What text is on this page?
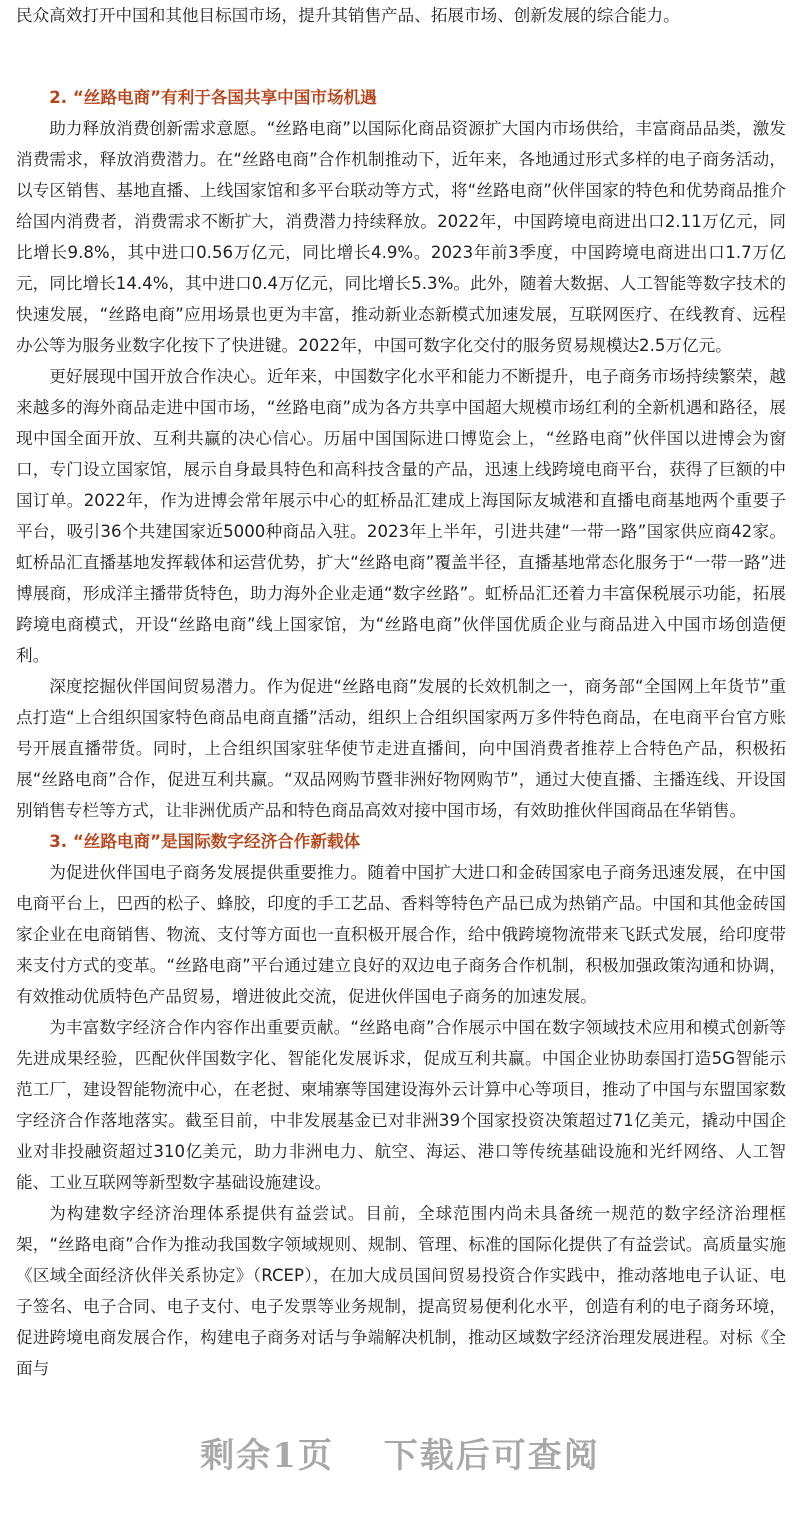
民众高效打开中国和其他目标国市场，提升其销售产品、拓展市场、创新发展的综合能力。

2. “丝路电商”有利于各国共享中国市场机遇

助力释放消费创新需求意愿。“丝路电商”以国际化商品资源扩大国内市场供给，丰富商品品类，激发消费需求，释放消费潜力。在“丝路电商”合作机制推动下，近年来，各地通过形式多样的电子商务活动，以专区销售、基地直播、上线国家馆和多平台联动等方式，将“丝路电商”伙伴国家的特色和优势商品推介给国内消费者，消费需求不断扩大，消费潜力持续释放。2022年，中国跨境电商进出口2.11万亿元，同比增长9.8%，其中进口0.56万亿元，同比增长4.9%。2023年前3季度，中国跨境电商进出口1.7万亿元，同比增长14.4%，其中进口0.4万亿元，同比增长5.3%。此外，随着大数据、人工智能等数字技术的快速发展，“丝路电商”应用场景也更为丰富，推动新业态新模式加速发展，互联网医疗、在线教育、远程办公等为服务业数字化按下了快进键。2022年，中国可数字化交付的服务贸易规模达2.5万亿元。

更好展现中国开放合作决心。近年来，中国数字化水平和能力不断提升，电子商务市场持续繁荣，越来越多的海外商品走进中国市场，“丝路电商”成为各方共享中国超大规模市场红利的全新机遇和路径，展现中国全面开放、互利共赢的决心信心。历届中国国际进口博览会上，“丝路电商”伙伴国以进博会为窗口，专门设立国家馆，展示自身最具特色和高科技含量的产品，迅速上线跨境电商平台，获得了巨额的中国订单。2022年，作为进博会常年展示中心的虹桥品汇建成上海国际友城港和直播电商基地两个重要子平台，吸引36个共建国家近5000种商品入驻。2023年上半年，引进共建“一带一路”国家供应商42家。虹桥品汇直播基地发挥载体和运营优势，扩大“丝路电商”覆盖半径，直播基地常态化服务于“一带一路”进博展商，形成洋主播带货特色，助力海外企业走通“数字丝路”。虹桥品汇还着力丰富保税展示功能，拓展跨境电商模式，开设“丝路电商”线上国家馆，为“丝路电商”伙伴国优质企业与商品进入中国市场创造便利。

深度挖掘伙伴国间贸易潜力。作为促进“丝路电商”发展的长效机制之一，商务部“全国网上年货节”重点打造“上合组织国家特色商品电商直播”活动，组织上合组织国家两万多件特色商品，在电商平台官方账号开展直播带货。同时，上合组织国家驻华使节走进直播间，向中国消费者推荐上合特色产品，积极拓展“丝路电商”合作，促进互利共赢。“双品网购节暨非洲好物网购节”，通过大使直播、主播连线、开设国别销售专栏等方式，让非洲优质产品和特色商品高效对接中国市场，有效助推伙伴国商品在华销售。

3. “丝路电商”是国际数字经济合作新载体

为促进伙伴国电子商务发展提供重要推力。随着中国扩大进口和金砖国家电子商务迅速发展，在中国电商平台上，巴西的松子、蜂胶，印度的手工艺品、香料等特色产品已成为热销产品。中国和其他金砖国家企业在电商销售、物流、支付等方面也一直积极开展合作，给中俄跨境物流带来飞跃式发展，给印度带来支付方式的变革。“丝路电商”平台通过建立良好的双边电子商务合作机制，积极加强政策沟通和协调，有效推动优质特色产品贸易，增进彼此交流，促进伙伴国电子商务的加速发展。

为丰富数字经济合作内容作出重要贡献。“丝路电商”合作展示中国在数字领域技术应用和模式创新等先进成果经验，匹配伙伴国数字化、智能化发展诉求，促成互利共赢。中国企业协助泰国打造5G智能示范工厂，建设智能物流中心，在老挝、柬埔寨等国建设海外云计算中心等项目，推动了中国与东盟国家数字经济合作落地落实。截至目前，中非发展基金已对非洲39个国家投资决策超过71亿美元，撬动中国企业对非投融资超过310亿美元，助力非洲电力、航空、海运、港口等传统基础设施和光纤网络、人工智能、工业互联网等新型数字基础设施建设。

为构建数字经济治理体系提供有益尝试。目前，全球范围内尚未具备统一规范的数字经济治理框架，“丝路电商”合作为推动我国数字领域规则、规制、管理、标准的国际化提供了有益尝试。高质量实施《区域全面经济伙伴关系协定》（RCEP），在加大成员国间贸易投资合作实践中，推动落地电子认证、电子签名、电子合同、电子支付、电子发票等业务规制，提高贸易便利化水平，创造有利的电子商务环境，促进跨境电商发展合作，构建电子商务对话与争端解决机制，推动区域数字经济治理发展进程。对标《全面与

剩余1页 下载后可查阅
